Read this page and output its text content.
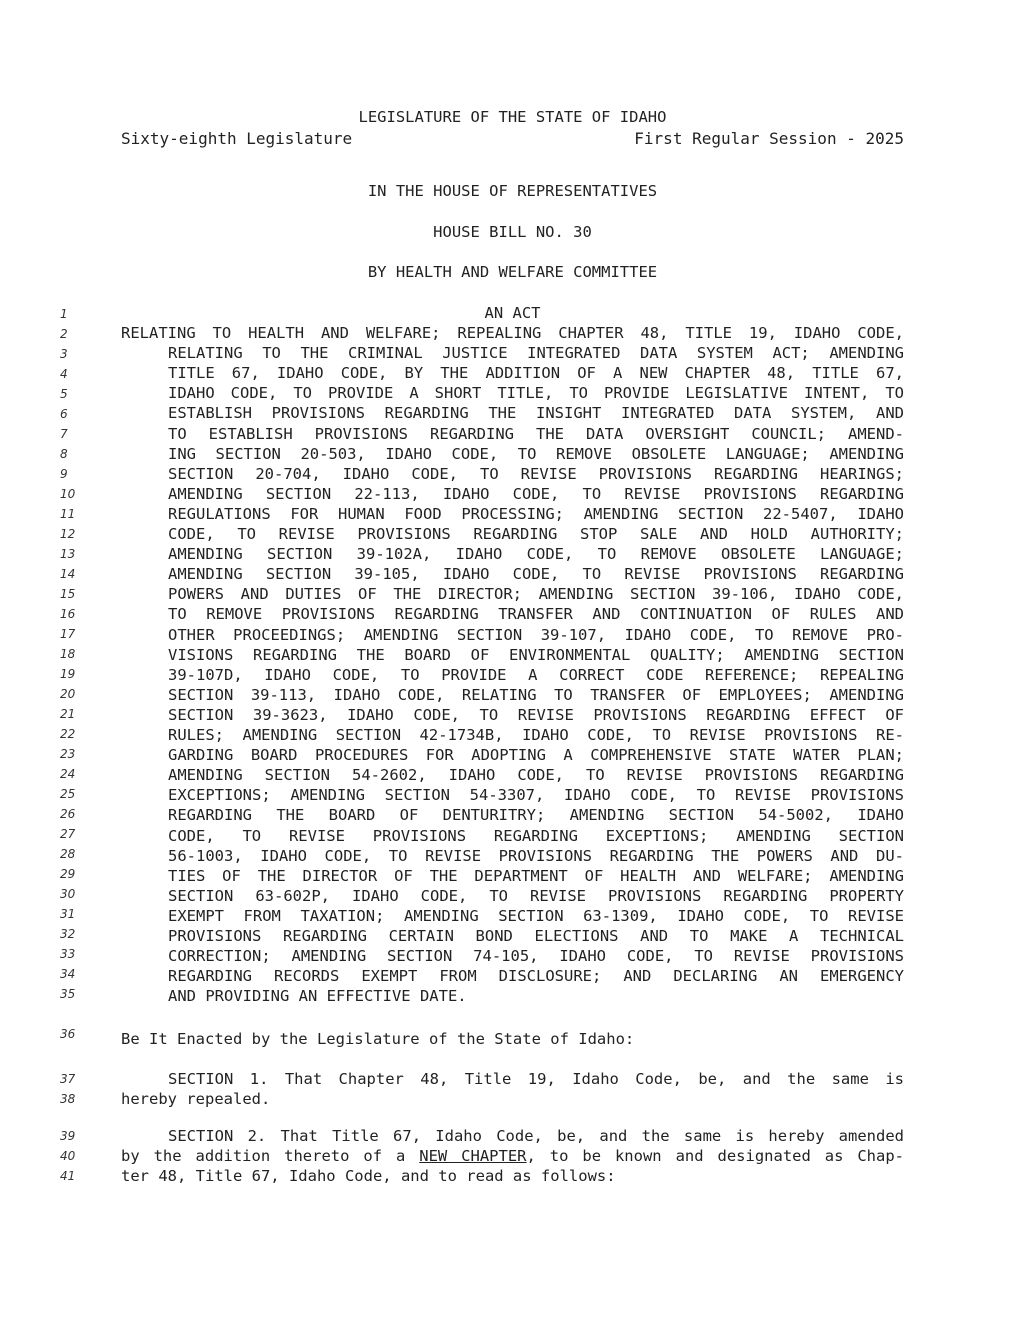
LEGISLATURE OF THE STATE OF IDAHO
Sixty-eighth Legislature	First Regular Session - 2025
IN THE HOUSE OF REPRESENTATIVES
HOUSE BILL NO. 30
BY HEALTH AND WELFARE COMMITTEE
1
2
3
4
5
6
7
8
9
10
11
12
13
14
15
16
17
18
19
20
21
22
23
24
25
26
27
28
29
30
31
32
33
34
35
36
37
38
39
40
41
AN ACT
RELATING TO HEALTH AND WELFARE; REPEALING CHAPTER 48, TITLE 19, IDAHO CODE,
RELATING TO THE CRIMINAL JUSTICE INTEGRATED DATA SYSTEM ACT; AMENDING
TITLE 67, IDAHO CODE, BY THE ADDITION OF A NEW CHAPTER 48, TITLE 67,
IDAHO CODE, TO PROVIDE A SHORT TITLE, TO PROVIDE LEGISLATIVE INTENT, TO
ESTABLISH PROVISIONS REGARDING THE INSIGHT INTEGRATED DATA SYSTEM, AND
TO ESTABLISH PROVISIONS REGARDING THE DATA OVERSIGHT COUNCIL; AMEND-
ING SECTION 20-503, IDAHO CODE, TO REMOVE OBSOLETE LANGUAGE; AMENDING
SECTION 20-704, IDAHO CODE, TO REVISE PROVISIONS REGARDING HEARINGS;
AMENDING SECTION 22-113, IDAHO CODE, TO REVISE PROVISIONS REGARDING
REGULATIONS FOR HUMAN FOOD PROCESSING; AMENDING SECTION 22-5407, IDAHO
CODE, TO REVISE PROVISIONS REGARDING STOP SALE AND HOLD AUTHORITY;
AMENDING SECTION 39-102A, IDAHO CODE, TO REMOVE OBSOLETE LANGUAGE;
AMENDING SECTION 39-105, IDAHO CODE, TO REVISE PROVISIONS REGARDING
POWERS AND DUTIES OF THE DIRECTOR; AMENDING SECTION 39-106, IDAHO CODE,
TO REMOVE PROVISIONS REGARDING TRANSFER AND CONTINUATION OF RULES AND
OTHER PROCEEDINGS; AMENDING SECTION 39-107, IDAHO CODE, TO REMOVE PRO-
VISIONS REGARDING THE BOARD OF ENVIRONMENTAL QUALITY; AMENDING SECTION
39-107D, IDAHO CODE, TO PROVIDE A CORRECT CODE REFERENCE; REPEALING
SECTION 39-113, IDAHO CODE, RELATING TO TRANSFER OF EMPLOYEES; AMENDING
SECTION 39-3623, IDAHO CODE, TO REVISE PROVISIONS REGARDING EFFECT OF
RULES; AMENDING SECTION 42-1734B, IDAHO CODE, TO REVISE PROVISIONS RE-
GARDING BOARD PROCEDURES FOR ADOPTING A COMPREHENSIVE STATE WATER PLAN;
AMENDING SECTION 54-2602, IDAHO CODE, TO REVISE PROVISIONS REGARDING
EXCEPTIONS; AMENDING SECTION 54-3307, IDAHO CODE, TO REVISE PROVISIONS
REGARDING THE BOARD OF DENTURITRY; AMENDING SECTION 54-5002, IDAHO
CODE, TO REVISE PROVISIONS REGARDING EXCEPTIONS; AMENDING SECTION
56-1003, IDAHO CODE, TO REVISE PROVISIONS REGARDING THE POWERS AND DU-
TIES OF THE DIRECTOR OF THE DEPARTMENT OF HEALTH AND WELFARE; AMENDING
SECTION 63-602P, IDAHO CODE, TO REVISE PROVISIONS REGARDING PROPERTY
EXEMPT FROM TAXATION; AMENDING SECTION 63-1309, IDAHO CODE, TO REVISE
PROVISIONS REGARDING CERTAIN BOND ELECTIONS AND TO MAKE A TECHNICAL
CORRECTION; AMENDING SECTION 74-105, IDAHO CODE, TO REVISE PROVISIONS
REGARDING RECORDS EXEMPT FROM DISCLOSURE; AND DECLARING AN EMERGENCY
AND PROVIDING AN EFFECTIVE DATE.
Be It Enacted by the Legislature of the State of Idaho:
SECTION 1. That Chapter 48, Title 19, Idaho Code, be, and the same is
hereby repealed.
SECTION 2. That Title 67, Idaho Code, be, and the same is hereby amended
by the addition thereto of a NEW CHAPTER, to be known and designated as Chap-
ter 48, Title 67, Idaho Code, and to read as follows:
